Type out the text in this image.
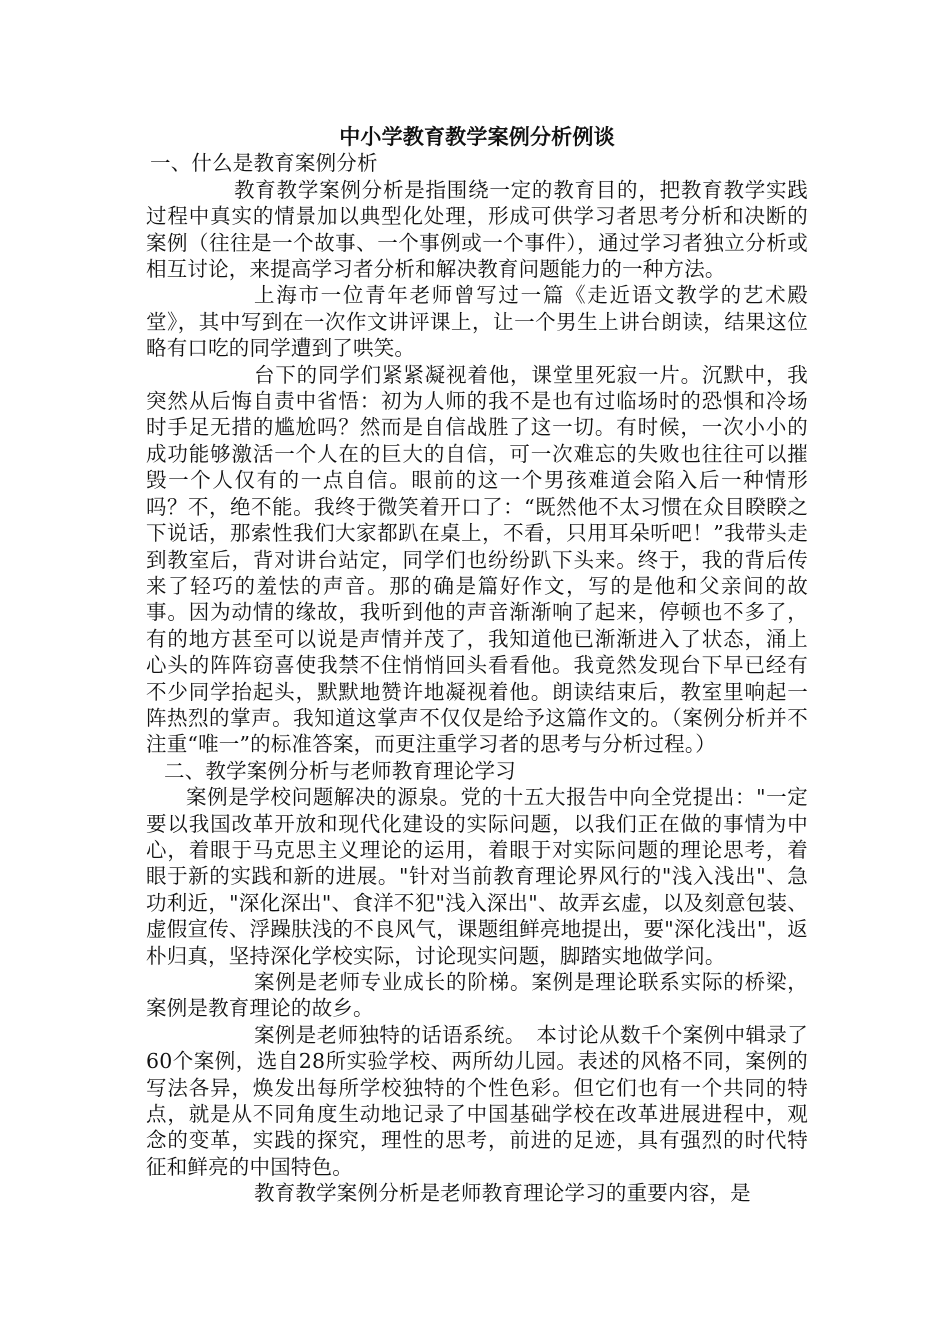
中小学教育教学案例分析例谈
一、什么是教育案例分析

教育教学案例分析是指围绕一定的教育目的，把教育教学实践过程中真实的情景加以典型化处理，形成可供学习者思考分析和决断的案例（往往是一个故事、一个事例或一个事件），通过学习者独立分析或相互讨论，来提高学习者分析和解决教育问题能力的一种方法。

上海市一位青年老师曾写过一篇《走近语文教学的艺术殿堂》，其中写到在一次作文讲评课上，让一个男生上讲台朗读，结果这位略有口吃的同学遭到了哄笑。

台下的同学们紧紧凝视着他，课堂里死寂一片。沉默中，我突然从后悔自责中省悟：初为人师的我不是也有过临场时的恐惧和冷场时手足无措的尴尬吗？然而是自信战胜了这一切。有时候，一次小小的成功能够激活一个人在的巨大的自信，可一次难忘的失败也往往可以摧毁一个人仅有的一点自信。眼前的这一个男孩难道会陷入后一种情形吗？不，绝不能。我终于微笑着开口了：“既然他不太习惯在众目睽睽之下说话，那索性我们大家都趴在桌上，不看，只用耳朵听吧！”我带头走到教室后，背对讲台站定，同学们也纷纷趴下头来。终于，我的背后传来了轻巧的羞怯的声音。那的确是篇好作文，写的是他和父亲间的故事。因为动情的缘故，我听到他的声音渐渐响了起来，停顿也不多了，有的地方甚至可以说是声情并茂了，我知道他已渐渐进入了状态，涌上心头的阵阵窃喜使我禁不住悄悄回头看看他。我竟然发现台下早已经有不少同学抬起头，默默地赞许地凝视着他。朗读结束后，教室里响起一阵热烈的掌声。我知道这掌声不仅仅是给予这篇作文的。（案例分析并不注重“唯一”的标准答案，而更注重学习者的思考与分析过程。）

二、教学案例分析与老师教育理论学习

案例是学校问题解决的源泉。党的十五大报告中向全党提出："一定要以我国改革开放和现代化建设的实际问题，以我们正在做的事情为中心，着眼于马克思主义理论的运用，着眼于对实际问题的理论思考，着眼于新的实践和新的进展。"针对当前教育理论界风行的"浅入浅出"、急功利近，"深化深出"、食洋不犯"浅入深出"、故弄玄虚，以及刻意包装、虚假宣传、浮躁肤浅的不良风气，课题组鲜亮地提出，要"深化浅出"，返朴归真，坚持深化学校实际，讨论现实问题，脚踏实地做学问。

案例是老师专业成长的阶梯。案例是理论联系实际的桥梁，案例是教育理论的故乡。

案例是老师独特的话语系统。　本讨论从数千个案例中辑录了60个案例，选自28所实验学校、两所幼儿园。表述的风格不同，案例的写法各异，焕发出每所学校独特的个性色彩。但它们也有一个共同的特点，就是从不同角度生动地记录了中国基础学校在改革进展进程中，观念的变革，实践的探究，理性的思考，前进的足迹，具有强烈的时代特征和鲜亮的中国特色。

教育教学案例分析是老师教育理论学习的重要内容，是
